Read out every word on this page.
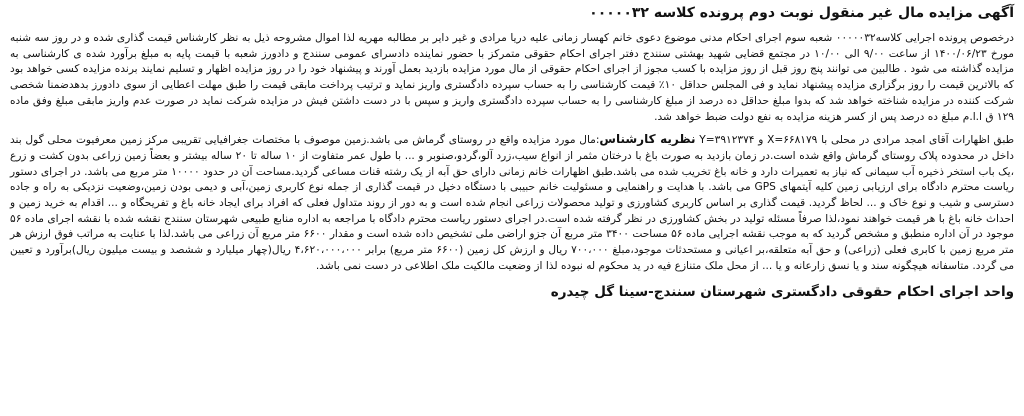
آگهی مزایده مال غیر منقول نوبت دوم پرونده کلاسه ۰۰۰۰۰۳۲

درخصوص پرونده اجرایی کلاسه۰۰۰۰۰۳۲ شعبه سوم اجرای احکام مدنی موضوع دعوی خانم کهسار زمانی علیه دریا مرادی و غیر دایر بر مطالبه مهریه لذا اموال مشروحه ذیل به نظر کارشناس قیمت گذاری شده و در روز سه شنبه مورخ ۱۴۰۰/۰۶/۲۳ از ساعت ۹/۰۰ الی ۱۰/۰۰ در مجتمع قضایی شهید بهشتی سنندج دفتر اجرای احکام حقوقی متمرکز با حضور نماینده دادسرای عمومی سنندج و دادورز شعبه با قیمت پایه به مبلغ برآورد شده ی کارشناسی به مزایده گذاشته می شود . طالبین می توانند پنج روز قبل از روز مزایده با کسب مجوز از اجرای احکام حقوقی از مال مورد مزایده بازدید بعمل آورند و پیشنهاد خود را در روز مزایده اظهار و تسلیم نمایند برنده مزایده کسی خواهد بود که بالاترین قیمت را روز برگزاری مزایده پیشنهاد نماید و فی المجلس حداقل ۱۰٪ قیمت کارشناسی را به حساب سپرده دادگستری واریز نماید و ترتیب پرداخت مابقی قیمت را طبق مهلت اعطایی از سوی دادورز بدهدضمنا شخصی شرکت کننده در مزایده شناخته خواهد شد که بدوا مبلغ حداقل ده درصد از مبلغ کارشناسی را به حساب سپرده دادگستری واریز و سپس با در دست داشتن فیش در مزایده شرکت نماید در صورت عدم واریز مابقی مبلغ وفق ماده ۱۲۹ ق ا.ا.م مبلغ ده درصد پس از کسر هزینه مزایده به نفع دولت ضبط خواهد شد.

طبق اظهارات آقای امجد مرادی در محلی با X=۶۶۸۱۷۹ و Y=۳۹۱۲۳۷۴ نظریه کارشناس:مال مورد مزایده واقع در روستای گرماش می باشد.زمین موصوف با مختصات جغرافیایی تقریبی مرکز زمین معرفیوت محلی گول بند داخل در محدوده پلاک روستای گرماش واقع شده است.در زمان بازدید به صورت باغ با درختان مثمر از انواع سیب،زرد آلو،گردو،صنوبر و ... با طول عمر متفاوت از ۱۰ ساله تا ۲۰ ساله بیشتر و بعضاً زمین زراعی بدون کشت و زرع ،یک باب استخر ذخیره آب سیمانی که نیاز به تعمیرات دارد و خانه باغ تخریب شده می باشد.طبق اظهارات خانم زمانی دارای حق آبه از یک رشته قنات مساعی گردید.مساحت آن در حدود ۱۰۰۰۰ متر مربع می باشد. در اجرای دستور ریاست محترم دادگاه برای ارزیابی زمین کلیه آیتمهای GPS می باشد. با هدایت و راهنمایی و مسئولیت خانم حبیبی با دستگاه دخیل در قیمت گذاری از جمله نوع کاربری زمین،آبی و دیمی بودن زمین،وضعیت نزدیکی به راه و جاده دسترسی و شیب و نوع خاک و ... لحاظ گردید. قیمت گذاری بر اساس کاربری کشاورزی و تولید محصولات زراعی انجام شده است و به دور از روند متداول فعلی که افراد برای ایجاد خانه باغ و تفریحگاه و ... اقدام به خرید زمین و احداث خانه باغ با هر قیمت خواهند نمود،لذا صرفاً مسئله تولید در بخش کشاورزی در نظر گرفته شده است.در اجرای دستور ریاست محترم دادگاه با مراجعه به اداره منابع طبیعی شهرستان سنندج نقشه شده با نقشه اجرای ماده ۵۶ موجود در آن اداره منطبق و مشخص گردید که به موجب نقشه اجرایی ماده ۵۶ مساحت ۳۴۰۰ متر مربع آن جزو اراضی ملی تشخیص داده شده است و مقدار ۶۶۰۰ متر مربع آن زراعی می باشد.لذا با عنایت به مراتب فوق ارزش هر متر مربع زمین با کابری فعلی (زراعی) و حق آبه متعلقه،بر اعیانی و مستحدثات موجود،مبلغ ۷۰۰،۰۰۰ ریال و ارزش کل زمین (۶۶۰۰ متر مربع) برابر ۴،۶۲۰،۰۰۰،۰۰۰ ریال(چهار میلیارد و ششصد و بیست میلیون ریال)برآورد و تعیین می گردد. متاسفانه هیچگونه سند و یا نسق زارعانه و یا ... از محل ملک متنازع فیه در ید محکوم له نبوده لذا از وضعیت مالکیت ملک اطلاعی در دست نمی باشد.

واحد اجرای احکام حقوقی دادگستری شهرستان سنندج-سینا گل چیدره
